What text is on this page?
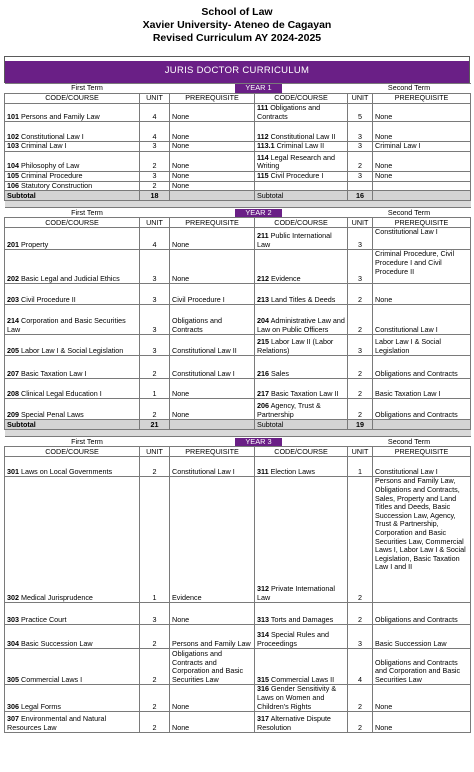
School of Law
Xavier University- Ateneo de Cagayan
Revised Curriculum AY 2024-2025
JURIS DOCTOR CURRICULUM
First Term		YEAR 1		Second Term	
CODE/COURSE	UNIT	PREREQUISITE	CODE/COURSE	UNIT	PREREQUISITE
101 Persons and Family Law	4	None	111 Obligations and Contracts	5	None
102 Constitutional Law I	4	None	112 Constitutional Law II	3	None
103 Criminal Law I	3	None	113.1 Criminal Law II	3	Criminal Law I
104 Philosophy of Law	2	None	114 Legal Research and Writing	2	None
105 Criminal Procedure	3	None	115 Civil Procedure I	3	None
106 Statutory Construction	2	None			
Subtotal	18		Subtotal	16	

First Term		YEAR 2		Second Term	
CODE/COURSE	UNIT	PREREQUISITE	CODE/COURSE	UNIT	PREREQUISITE
201 Property	4	None	211 Public International Law	3	Constitutional Law I
202 Basic Legal and Judicial Ethics	3	None	212 Evidence	3	Criminal Procedure, Civil Procedure I and Civil Procedure II
203 Civil Procedure II	3	Civil Procedure I	213 Land Titles & Deeds	2	None
214 Corporation and Basic Securities Law	3	Obligations and Contracts	204 Administrative Law and Law on Public Officers	2	Constitutional Law I
205 Labor Law I & Social Legislation	3	Constitutional Law II	215 Labor Law II (Labor Relations)	3	Labor Law I & Social Legislation
207 Basic Taxation Law I	2	Constitutional Law I	216 Sales	2	Obligations and Contracts
208 Clinical Legal Education I	1	None	217 Basic Taxation Law II	2	Basic Taxation Law I
209 Special Penal Laws	2	None	206 Agency, Trust & Partnership	2	Obligations and Contracts
Subtotal	21		Subtotal	19	

First Term		YEAR 3		Second Term	
CODE/COURSE	UNIT	PREREQUISITE	CODE/COURSE	UNIT	PREREQUISITE
301 Laws on Local Governments	2	Constitutional Law I	311 Election Laws	1	Constitutional Law I
302 Medical Jurisprudence	1	Evidence	312 Private International Law	2	Persons and Family Law, Obligations and Contracts, Sales, Property and Land Titles and Deeds, Basic Succession Law, Agency, Trust & Partnership, Corporation and Basic Securities Law, Commercial Laws I, Labor Law I & Social Legislation, Basic Taxation Law I and II
303 Practice Court	3	None	313 Torts and Damages	2	Obligations and Contracts
304 Basic Succession Law	2	Persons and Family Law	314 Special Rules and Proceedings	3	Basic Succession Law
305 Commercial Laws I	2	Obligations and Contracts and Corporation and Basic Securities Law	315 Commercial Laws II	4	Obligations and Contracts and Corporation and Basic Securities Law
306 Legal Forms	2	None	316 Gender Sensitivity & Laws on Women and Children's Rights	2	None
307 Environmental and Natural Resources Law	2	None	317 Alternative Dispute Resolution	2	None
